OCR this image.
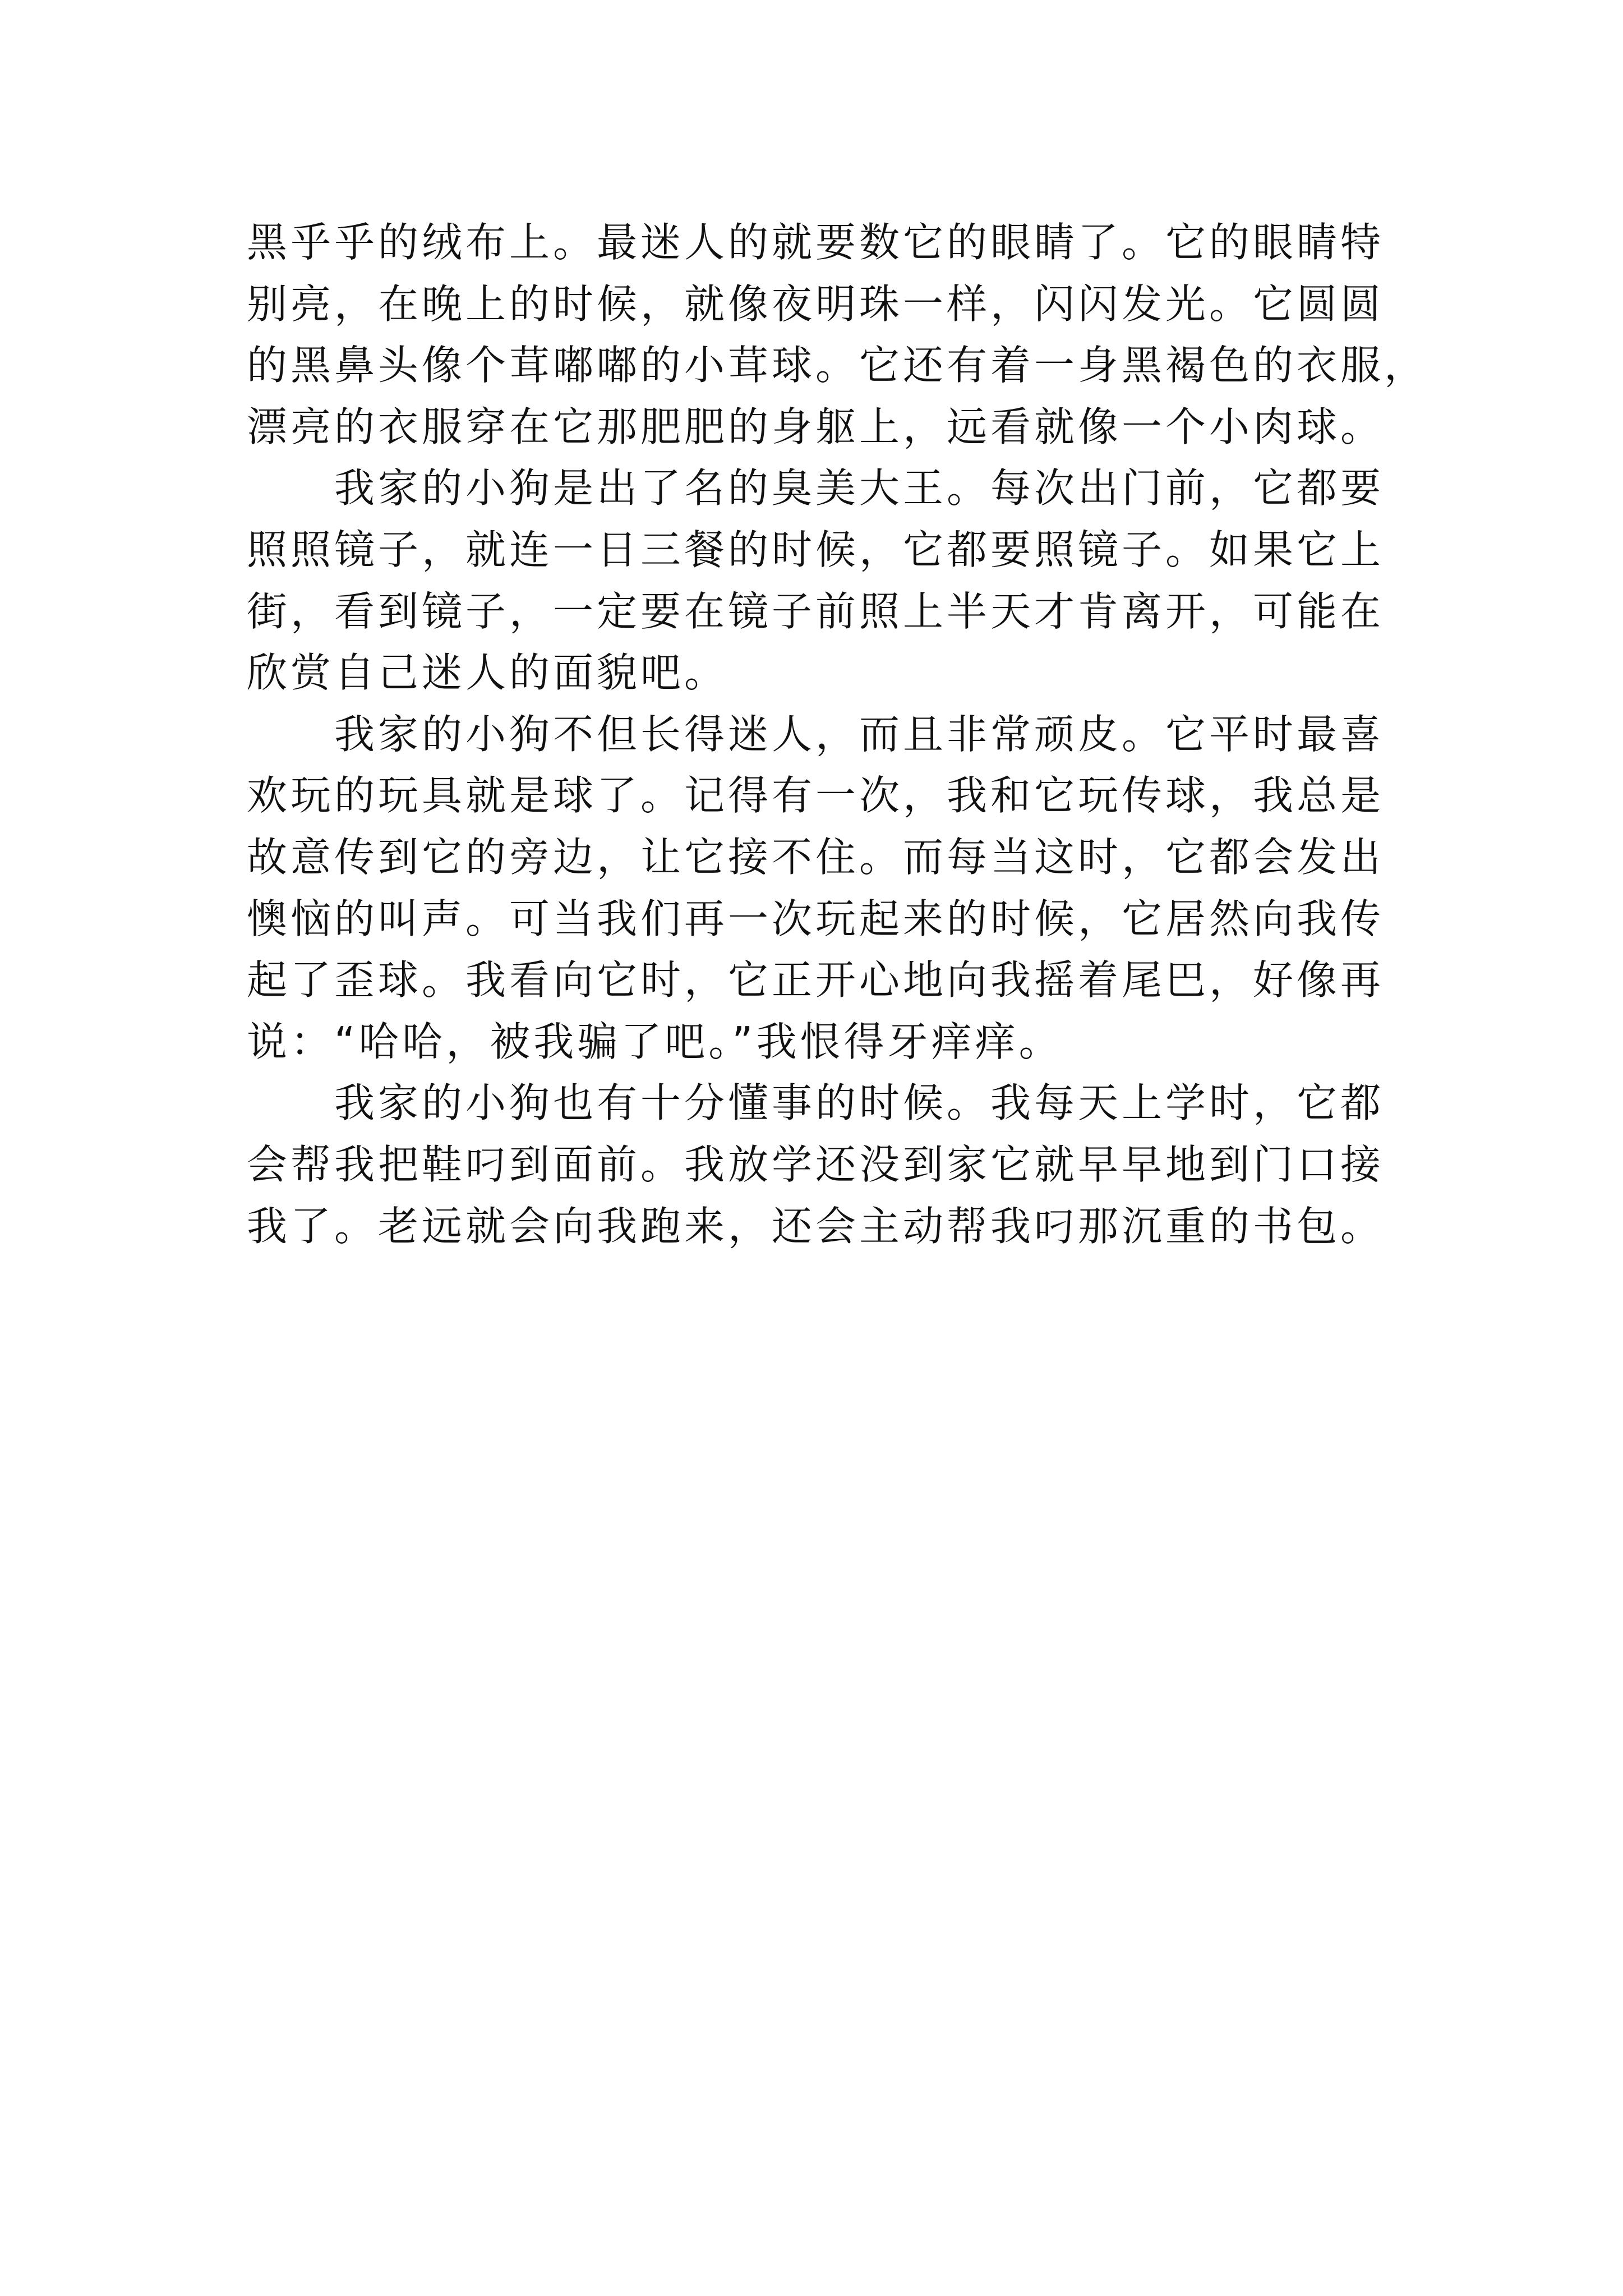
黑乎乎的绒布上。最迷人的就要数它的眼睛了。它的眼睛特
别亮，在晚上的时候，就像夜明珠一样，闪闪发光。它圆圆
的黑鼻头像个茸嘟嘟的小茸球。它还有着一身黑褐色的衣服，
漂亮的衣服穿在它那肥肥的身躯上，远看就像一个小肉球。
我家的小狗是出了名的臭美大王。每次出门前，它都要
照照镜子，就连一日三餐的时候，它都要照镜子。如果它上
街，看到镜子，一定要在镜子前照上半天才肯离开，可能在
欣赏自己迷人的面貌吧。
我家的小狗不但长得迷人，而且非常顽皮。它平时最喜
欢玩的玩具就是球了。记得有一次，我和它玩传球，我总是
故意传到它的旁边，让它接不住。而每当这时，它都会发出
懊恼的叫声。可当我们再一次玩起来的时候，它居然向我传
起了歪球。我看向它时，它正开心地向我摇着尾巴，好像再
说：“哈哈，被我骗了吧。”我恨得牙痒痒。
我家的小狗也有十分懂事的时候。我每天上学时，它都
会帮我把鞋叼到面前。我放学还没到家它就早早地到门口接
我了。老远就会向我跑来，还会主动帮我叼那沉重的书包。
